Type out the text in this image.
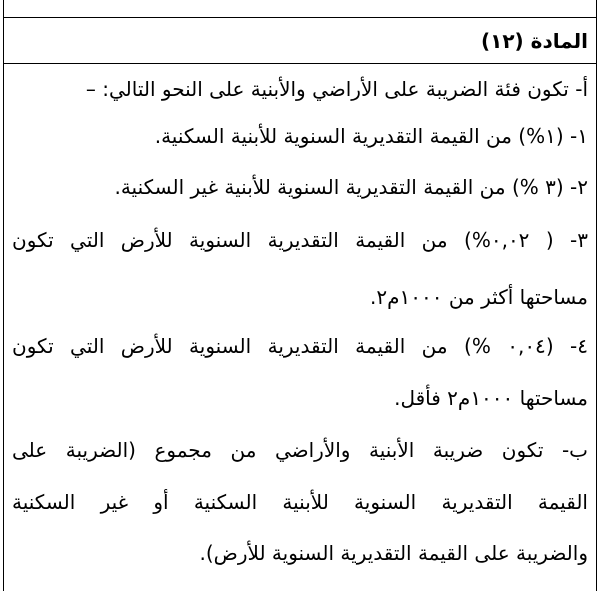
المادة (١٢)
أ- تكون فئة الضريبة على الأراضي والأبنية على النحو التالي: –
١- (١%) من القيمة التقديرية السنوية للأبنية السكنية.
٢- (٣ %) من القيمة التقديرية السنوية للأبنية غير السكنية.
٣- ( ٠,٠٢%) من القيمة التقديرية السنوية للأرض التي تكون
مساحتها أكثر من ١٠٠٠م٢.
٤- (٠,٠٤ %) من القيمة التقديرية السنوية للأرض التي تكون
مساحتها ١٠٠٠م٢ فأقل.
ب- تكون ضريبة الأبنية والأراضي من مجموع (الضريبة على
القيمة التقديرية السنوية للأبنية السكنية أو غير السكنية
والضريبة على القيمة التقديرية السنوية للأرض).
